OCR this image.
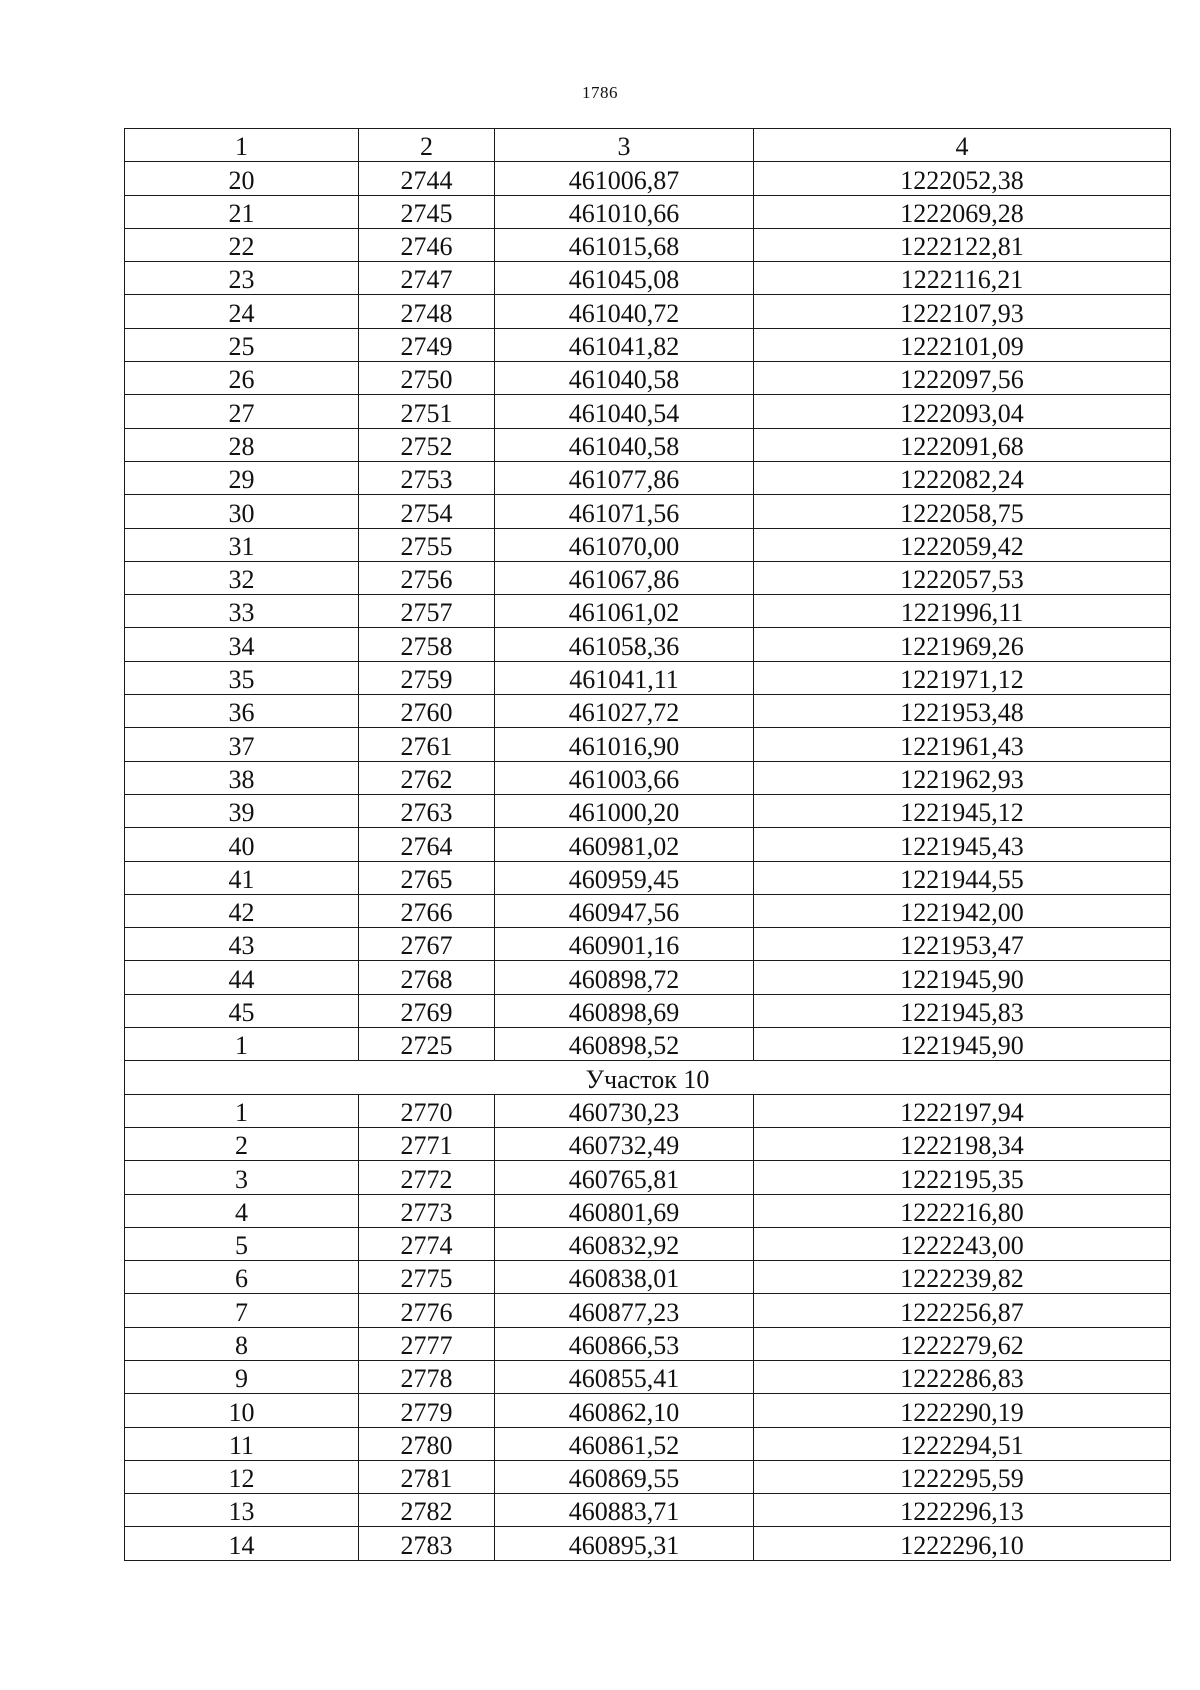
1786
1	2	3	4
20	2744	461006,87	1222052,38
21	2745	461010,66	1222069,28
22	2746	461015,68	1222122,81
23	2747	461045,08	1222116,21
24	2748	461040,72	1222107,93
25	2749	461041,82	1222101,09
26	2750	461040,58	1222097,56
27	2751	461040,54	1222093,04
28	2752	461040,58	1222091,68
29	2753	461077,86	1222082,24
30	2754	461071,56	1222058,75
31	2755	461070,00	1222059,42
32	2756	461067,86	1222057,53
33	2757	461061,02	1221996,11
34	2758	461058,36	1221969,26
35	2759	461041,11	1221971,12
36	2760	461027,72	1221953,48
37	2761	461016,90	1221961,43
38	2762	461003,66	1221962,93
39	2763	461000,20	1221945,12
40	2764	460981,02	1221945,43
41	2765	460959,45	1221944,55
42	2766	460947,56	1221942,00
43	2767	460901,16	1221953,47
44	2768	460898,72	1221945,90
45	2769	460898,69	1221945,83
1	2725	460898,52	1221945,90
Участок 10			
1	2770	460730,23	1222197,94
2	2771	460732,49	1222198,34
3	2772	460765,81	1222195,35
4	2773	460801,69	1222216,80
5	2774	460832,92	1222243,00
6	2775	460838,01	1222239,82
7	2776	460877,23	1222256,87
8	2777	460866,53	1222279,62
9	2778	460855,41	1222286,83
10	2779	460862,10	1222290,19
11	2780	460861,52	1222294,51
12	2781	460869,55	1222295,59
13	2782	460883,71	1222296,13
14	2783	460895,31	1222296,10
